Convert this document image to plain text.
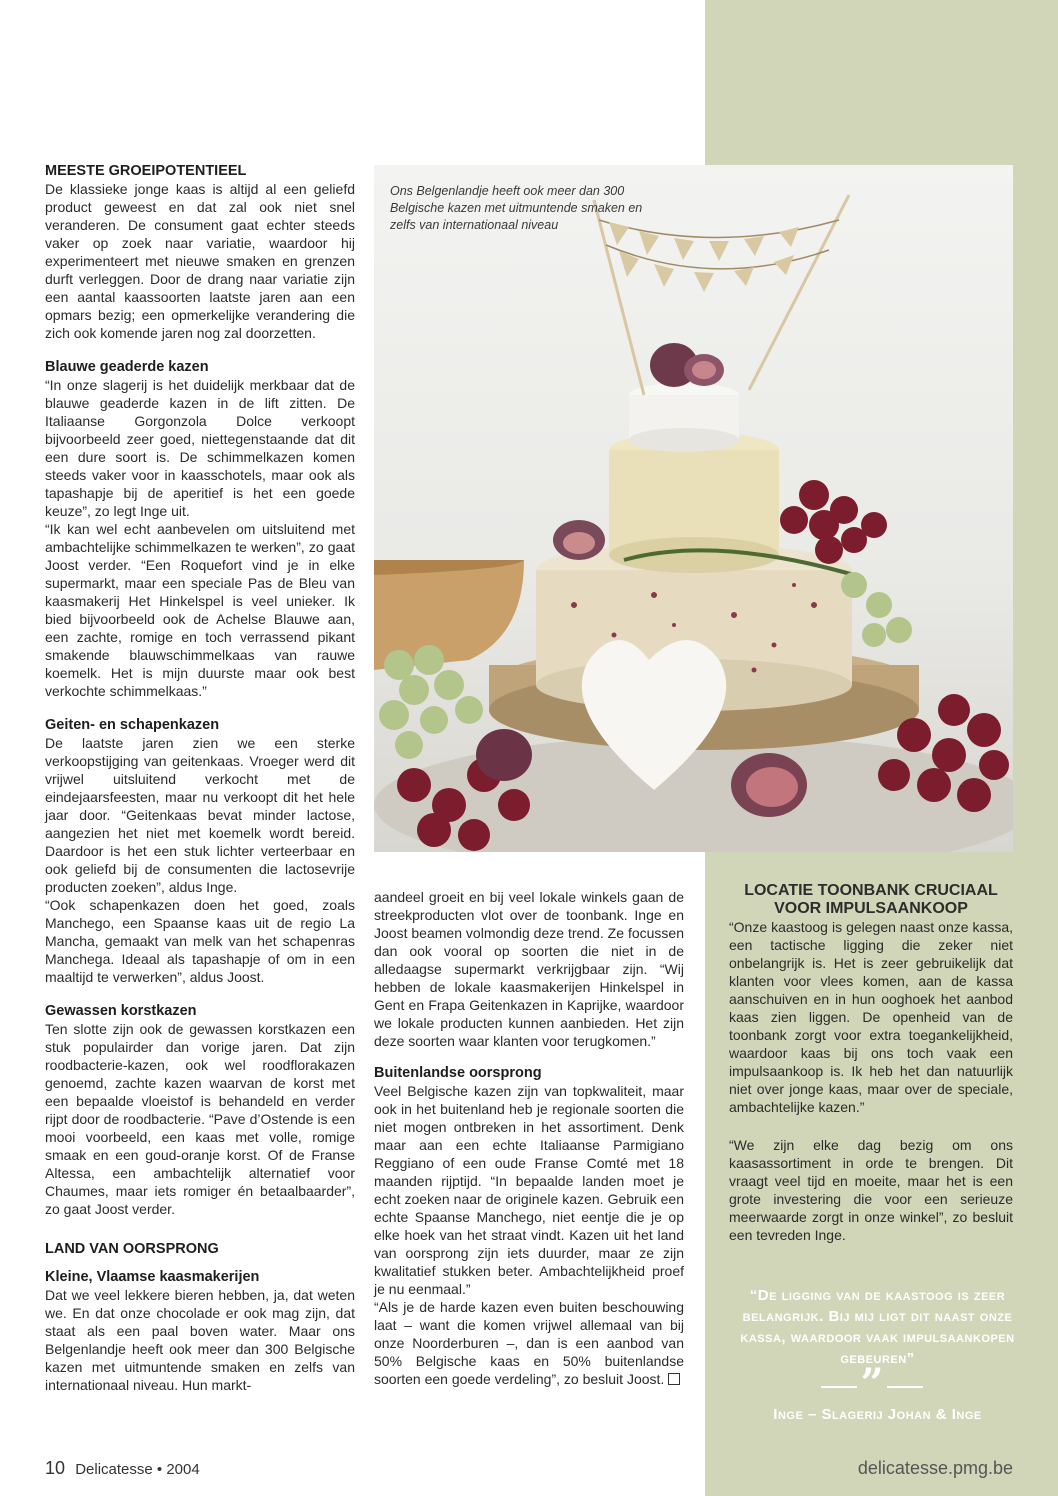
MEESTE GROEIPOTENTIEEL

De klassieke jonge kaas is altijd al een geliefd product geweest en dat zal ook niet snel veranderen. De consument gaat echter steeds vaker op zoek naar variatie, waardoor hij experimenteert met nieuwe smaken en grenzen durft verleggen. Door de drang naar variatie zijn een aantal kaassoorten laatste jaren aan een opmars bezig; een opmerkelijke verandering die zich ook komende jaren nog zal doorzetten.

Blauwe geaderde kazen

“In onze slagerij is het duidelijk merkbaar dat de blauwe geaderde kazen in de lift zitten. De Italiaanse Gorgonzola Dolce verkoopt bijvoorbeeld zeer goed, niettegenstaande dat dit een dure soort is. De schimmelkazen komen steeds vaker voor in kaasschotels, maar ook als tapashapje bij de aperitief is het een goede keuze”, zo legt Inge uit.

“Ik kan wel echt aanbevelen om uitsluitend met ambachtelijke schimmelkazen te werken”, zo gaat Joost verder. “Een Roquefort vind je in elke supermarkt, maar een speciale Pas de Bleu van kaasmakerij Het Hinkelspel is veel unieker. Ik bied bijvoorbeeld ook de Achelse Blauwe aan, een zachte, romige en toch verrassend pikant smakende blauwschimmelkaas van rauwe koemelk. Het is mijn duurste maar ook best verkochte schimmelkaas.”

Geiten- en schapenkazen

De laatste jaren zien we een sterke verkoopstijging van geitenkaas. Vroeger werd dit vrijwel uitsluitend verkocht met de eindejaarsfeesten, maar nu verkoopt dit het hele jaar door. “Geitenkaas bevat minder lactose, aangezien het niet met koemelk wordt bereid. Daardoor is het een stuk lichter verteerbaar en ook geliefd bij de consumenten die lactosevrije producten zoeken”, aldus Inge.

“Ook schapenkazen doen het goed, zoals Manchego, een Spaanse kaas uit de regio La Mancha, gemaakt van melk van het schapenras Manchega. Ideaal als tapashapje of om in een maaltijd te verwerken”, aldus Joost.

Gewassen korstkazen

Ten slotte zijn ook de gewassen korstkazen een stuk populairder dan vorige jaren. Dat zijn roodbacterie-kazen, ook wel roodflorakazen genoemd, zachte kazen waarvan de korst met een bepaalde vloeistof is behandeld en verder rijpt door de roodbacterie. “Pave d’Ostende is een mooi voorbeeld, een kaas met volle, romige smaak en een goud-oranje korst. Of de Franse Altessa, een ambachtelijk alternatief voor Chaumes, maar iets romiger én betaalbaarder”, zo gaat Joost verder.

LAND VAN OORSPRONG

Kleine, Vlaamse kaasmakerijen

Dat we veel lekkere bieren hebben, ja, dat weten we. En dat onze chocolade er ook mag zijn, dat staat als een paal boven water. Maar ons Belgenlandje heeft ook meer dan 300 Belgische kazen met uitmuntende smaken en zelfs van internationaal niveau. Hun markt-

Ons Belgenlandje heeft ook meer dan 300 Belgische kazen met uitmuntende smaken en zelfs van internationaal niveau

aandeel groeit en bij veel lokale winkels gaan de streekproducten vlot over de toonbank. Inge en Joost beamen volmondig deze trend. Ze focussen dan ook vooral op soorten die niet in de alledaagse supermarkt verkrijgbaar zijn. “Wij hebben de lokale kaasmakerijen Hinkelspel in Gent en Frapa Geitenkazen in Kaprijke, waardoor we lokale producten kunnen aanbieden. Het zijn deze soorten waar klanten voor terugkomen.”

Buitenlandse oorsprong

Veel Belgische kazen zijn van topkwaliteit, maar ook in het buitenland heb je regionale soorten die niet mogen ontbreken in het assortiment. Denk maar aan een echte Italiaanse Parmigiano Reggiano of een oude Franse Comté met 18 maanden rijptijd. “In bepaalde landen moet je echt zoeken naar de originele kazen. Gebruik een echte Spaanse Manchego, niet eentje die je op elke hoek van het straat vindt. Kazen uit het land van oorsprong zijn iets duurder, maar ze zijn kwalitatief stukken beter. Ambachtelijkheid proef je nu eenmaal.”

“Als je de harde kazen even buiten beschouwing laat – want die komen vrijwel allemaal van bij onze Noorderburen –, dan is een aanbod van 50% Belgische kaas en 50% buitenlandse soorten een goede verdeling”, zo besluit Joost.

LOCATIE TOONBANK CRUCIAAL VOOR IMPULSAANKOOP

“Onze kaastoog is gelegen naast onze kassa, een tactische ligging die zeker niet onbelangrijk is. Het is zeer gebruikelijk dat klanten voor vlees komen, aan de kassa aanschuiven en in hun ooghoek het aanbod kaas zien liggen. De openheid van de toonbank zorgt voor extra toegankelijkheid, waardoor kaas bij ons toch vaak een impulsaankoop is. Ik heb het dan natuurlijk niet over jonge kaas, maar over de speciale, ambachtelijke kazen.”

“We zijn elke dag bezig om ons kaasassortiment in orde te brengen. Dit vraagt veel tijd en moeite, maar het is een grote investering die voor een serieuze meerwaarde zorgt in onze winkel”, zo besluit een tevreden Inge.

“De ligging van de kaastoog is zeer belangrijk. Bij mij ligt dit naast onze kassa, waardoor vaak impulsaankopen gebeuren”
”
Inge – Slagerij Johan & Inge
10 Delicatesse • 2004	delicatesse.pmg.be
